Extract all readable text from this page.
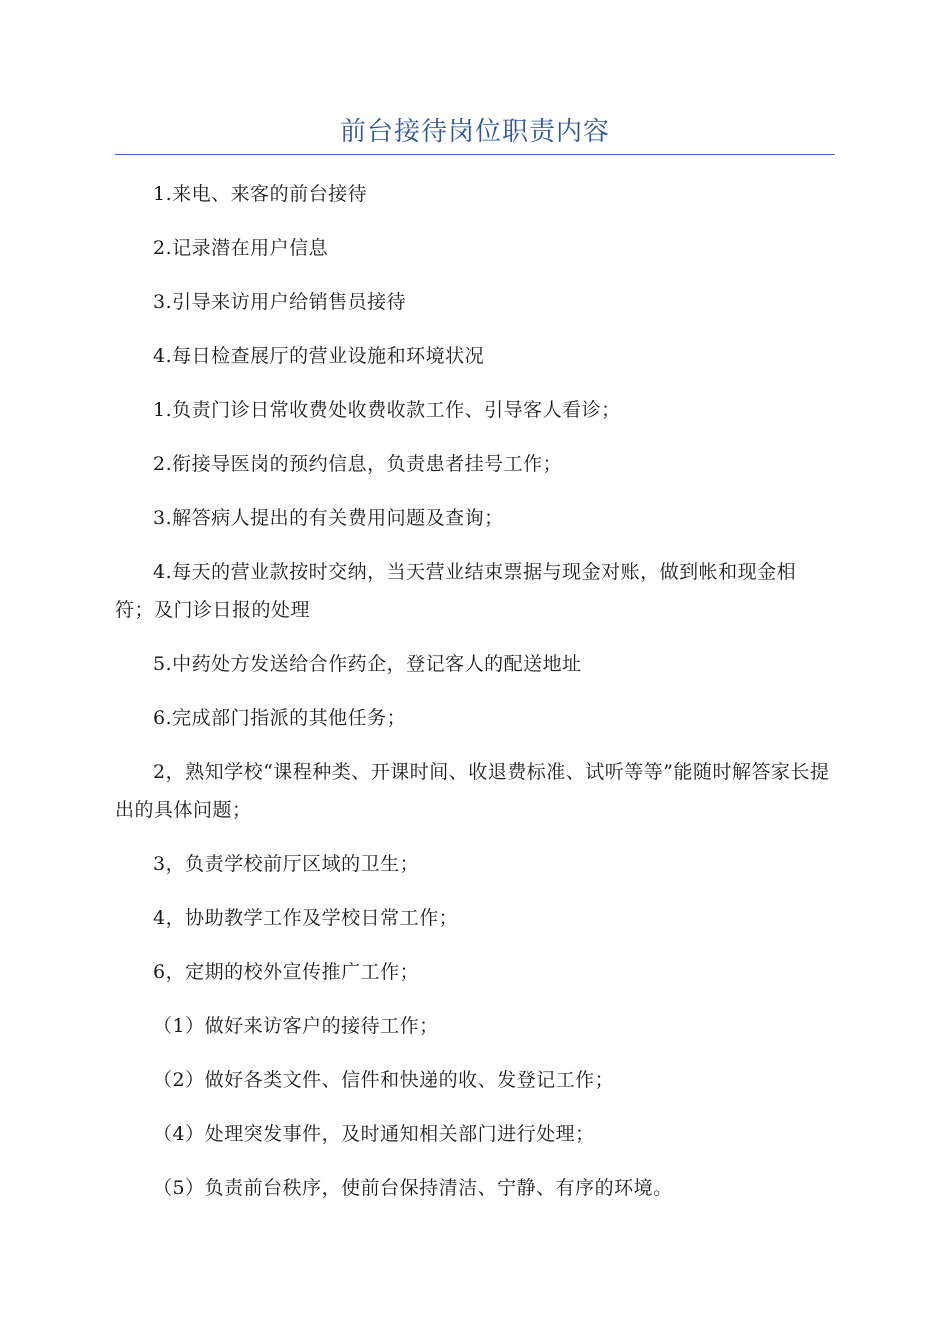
前台接待岗位职责内容

1.来电、来客的前台接待

2.记录潜在用户信息

3.引导来访用户给销售员接待

4.每日检查展厅的营业设施和环境状况

1.负责门诊日常收费处收费收款工作、引导客人看诊；

2.衔接导医岗的预约信息，负责患者挂号工作；

3.解答病人提出的有关费用问题及查询；

4.每天的营业款按时交纳，当天营业结束票据与现金对账，做到帐和现金相符；及门诊日报的处理

5.中药处方发送给合作药企，登记客人的配送地址

6.完成部门指派的其他任务；

2，熟知学校“课程种类、开课时间、收退费标准、试听等等”能随时解答家长提出的具体问题；

3，负责学校前厅区域的卫生；

4，协助教学工作及学校日常工作；

6，定期的校外宣传推广工作；

（1）做好来访客户的接待工作；

（2）做好各类文件、信件和快递的收、发登记工作；

（4）处理突发事件，及时通知相关部门进行处理；

（5）负责前台秩序，使前台保持清洁、宁静、有序的环境。
